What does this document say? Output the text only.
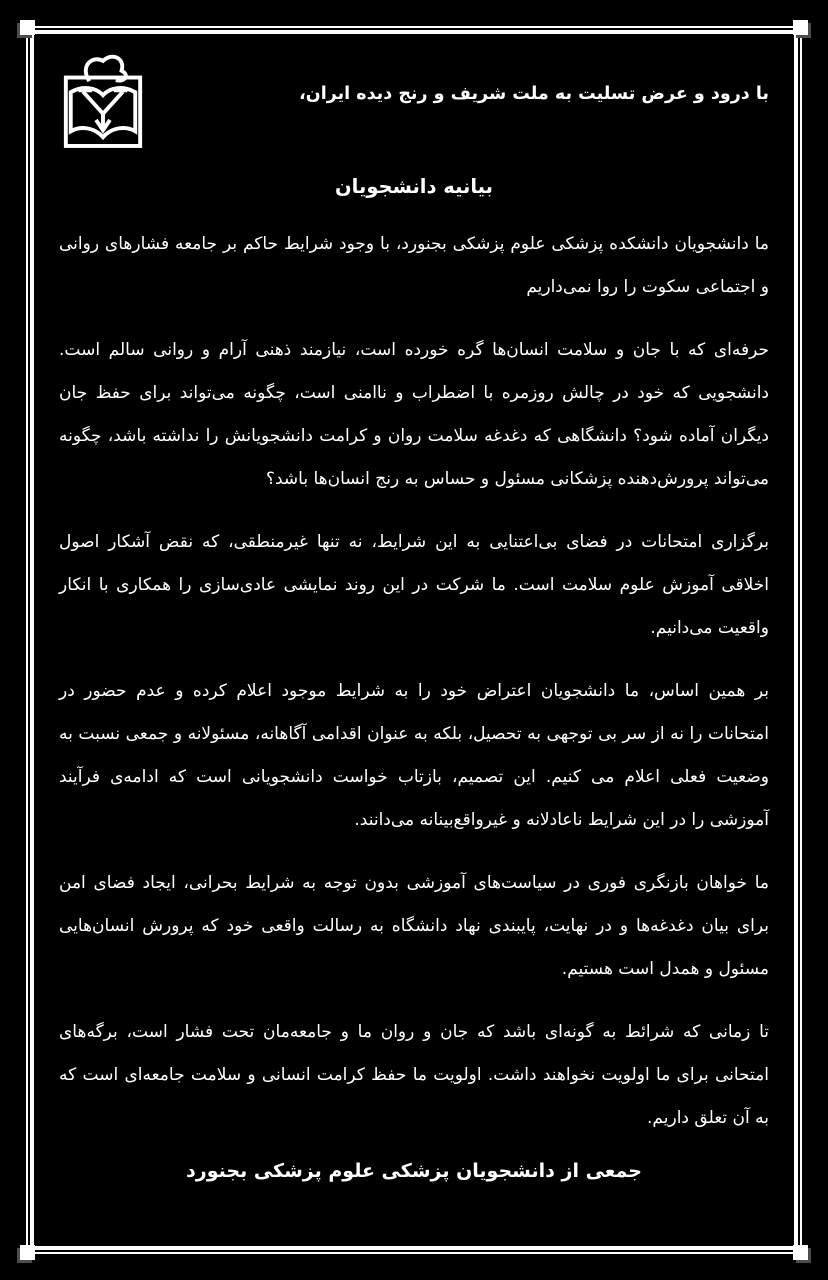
با درود و عرض تسلیت به ملت شریف و رنج دیده ایران،
بیانیه دانشجویان

ما دانشجویان دانشکده پزشکی علوم پزشکی بجنورد، با وجود شرایط حاکم بر جامعه فشارهای روانی و اجتماعی سکوت را روا نمی‌داریم

حرفه‌ای که با جان و سلامت انسان‌ها گره خورده است، نیازمند ذهنی آرام و روانی سالم است. دانشجویی که خود در چالش روزمره با اضطراب و ناامنی است، چگونه می‌تواند برای حفظ جان دیگران آماده شود؟ دانشگاهی که دغدغه سلامت روان و کرامت دانشجویانش را نداشته باشد، چگونه می‌تواند پرورش‌دهنده پزشکانی مسئول و حساس به رنج انسان‌ها باشد؟

برگزاری امتحانات در فضای بی‌اعتنایی به این شرایط، نه تنها غیرمنطقی، که نقض آشکار اصول اخلاقی آموزش علوم سلامت است. ما شرکت در این روند نمایشی عادی‌سازی را همکاری با انکار واقعیت می‌دانیم.

بر همین اساس، ما دانشجویان اعتراض خود را به شرایط موجود اعلام کرده و عدم حضور در امتحانات را نه از سر بی توجهی به تحصیل، بلکه به عنوان اقدامی آگاهانه، مسئولانه و جمعی نسبت به وضعیت فعلی اعلام می کنیم. این تصمیم، بازتاب خواست دانشجویانی است که ادامه‌ی فرآیند آموزشی را در این شرایط ناعادلانه و غیرواقع‌بینانه می‌دانند.

ما خواهان بازنگری فوری در سیاست‌های آموزشی بدون توجه به شرایط بحرانی، ایجاد فضای امن برای بیان دغدغه‌ها و در نهایت، پایبندی نهاد دانشگاه به رسالت واقعی خود که پرورش انسان‌هایی مسئول و همدل است هستیم.

تا زمانی که شرائط به گونه‌ای باشد که جان و روان ما و جامعه‌مان تحت فشار است، برگه‌های امتحانی برای ما اولویت نخواهند داشت. اولویت ما حفظ کرامت انسانی و سلامت جامعه‌ای است که به آن تعلق داریم.

جمعی از دانشجویان پزشکی علوم پزشکی بجنورد
